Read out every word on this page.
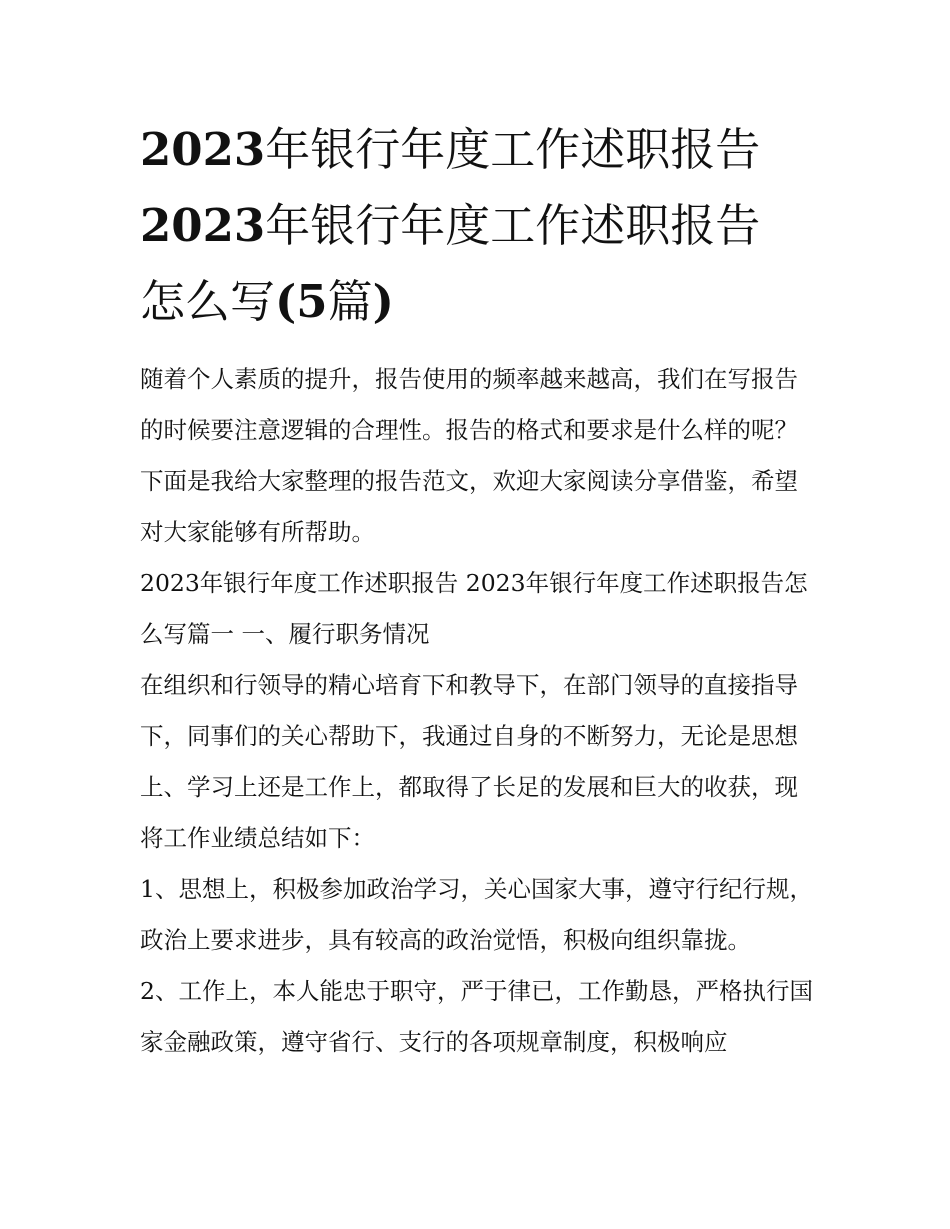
2023年银行年度工作述职报告
2023年银行年度工作述职报告
怎么写(5篇)

随着个人素质的提升，报告使用的频率越来越高，我们在写报告的时候要注意逻辑的合理性。报告的格式和要求是什么样的呢？下面是我给大家整理的报告范文，欢迎大家阅读分享借鉴，希望对大家能够有所帮助。

2023年银行年度工作述职报告 2023年银行年度工作述职报告怎么写篇一 一、履行职务情况

在组织和行领导的精心培育下和教导下，在部门领导的直接指导下，同事们的关心帮助下，我通过自身的不断努力，无论是思想上、学习上还是工作上，都取得了长足的发展和巨大的收获，现将工作业绩总结如下：

1、思想上，积极参加政治学习，关心国家大事，遵守行纪行规，政治上要求进步，具有较高的政治觉悟，积极向组织靠拢。

2、工作上，本人能忠于职守，严于律已，工作勤恳，严格执行国家金融政策，遵守省行、支行的各项规章制度，积极响应
